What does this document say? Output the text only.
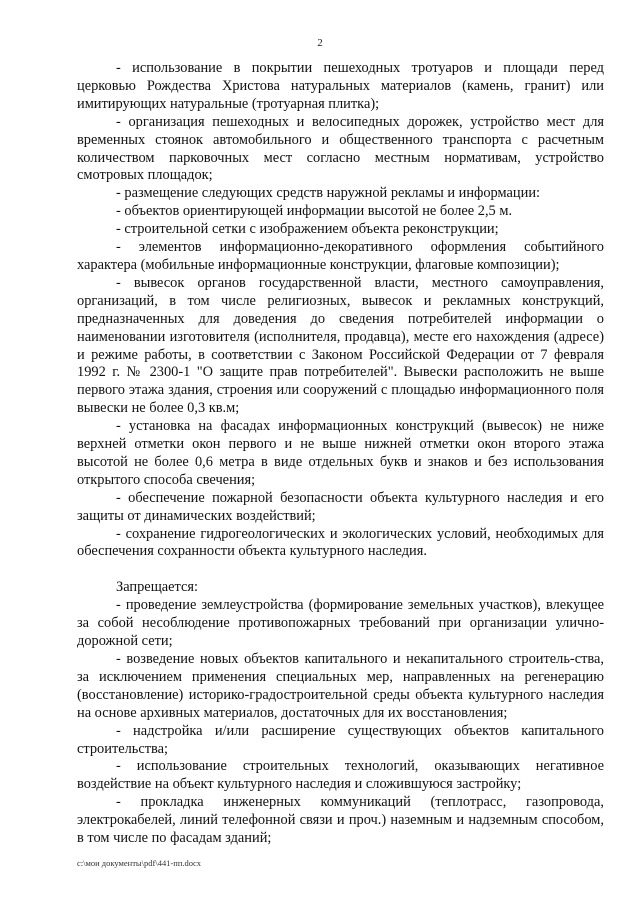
2

- использование в покрытии пешеходных тротуаров и площади перед церковью Рождества Христова натуральных материалов (камень, гранит) или имитирующих натуральные (тротуарная плитка);

- организация пешеходных и велосипедных дорожек, устройство мест для временных стоянок автомобильного и общественного транспорта с расчетным количеством парковочных мест согласно местным нормативам, устройство смотровых площадок;

- размещение следующих средств наружной рекламы и информации:

- объектов ориентирующей информации высотой не более 2,5 м.

- строительной сетки с изображением объекта реконструкции;

- элементов информационно-декоративного оформления событийного характера (мобильные информационные конструкции, флаговые композиции);

- вывесок органов государственной власти, местного самоуправления, организаций, в том числе религиозных, вывесок и рекламных конструкций, предназначенных для доведения до сведения потребителей информации о наименовании изготовителя (исполнителя, продавца), месте его нахождения (адресе) и режиме работы, в соответствии с Законом Российской Федерации от 7 февраля 1992 г. № 2300-1 "О защите прав потребителей". Вывески расположить не выше первого этажа здания, строения или сооружений с площадью информационного поля вывески не более 0,3 кв.м;

- установка на фасадах информационных конструкций (вывесок) не ниже верхней отметки окон первого и не выше нижней отметки окон второго этажа высотой не более 0,6 метра в виде отдельных букв и знаков и без использования открытого способа свечения;

- обеспечение пожарной безопасности объекта культурного наследия и его защиты от динамических воздействий;

- сохранение гидрогеологических и экологических условий, необходимых для обеспечения сохранности объекта культурного наследия.

Запрещается:

- проведение землеустройства (формирование земельных участков), влекущее за собой несоблюдение противопожарных требований при организации улично-дорожной сети;

- возведение новых объектов капитального и некапитального строитель-ства, за исключением применения специальных мер, направленных на регенерацию (восстановление) историко-градостроительной среды объекта культурного наследия на основе архивных материалов, достаточных для их восстановления;

- надстройка и/или расширение существующих объектов капитального строительства;

- использование строительных технологий, оказывающих негативное воздействие на объект культурного наследия и сложившуюся застройку;

- прокладка инженерных коммуникаций (теплотрасс, газопровода, электрокабелей, линий телефонной связи и проч.) наземным и надземным способом, в том числе по фасадам зданий;

c:\мои документы\pdf\441-пп.docx
